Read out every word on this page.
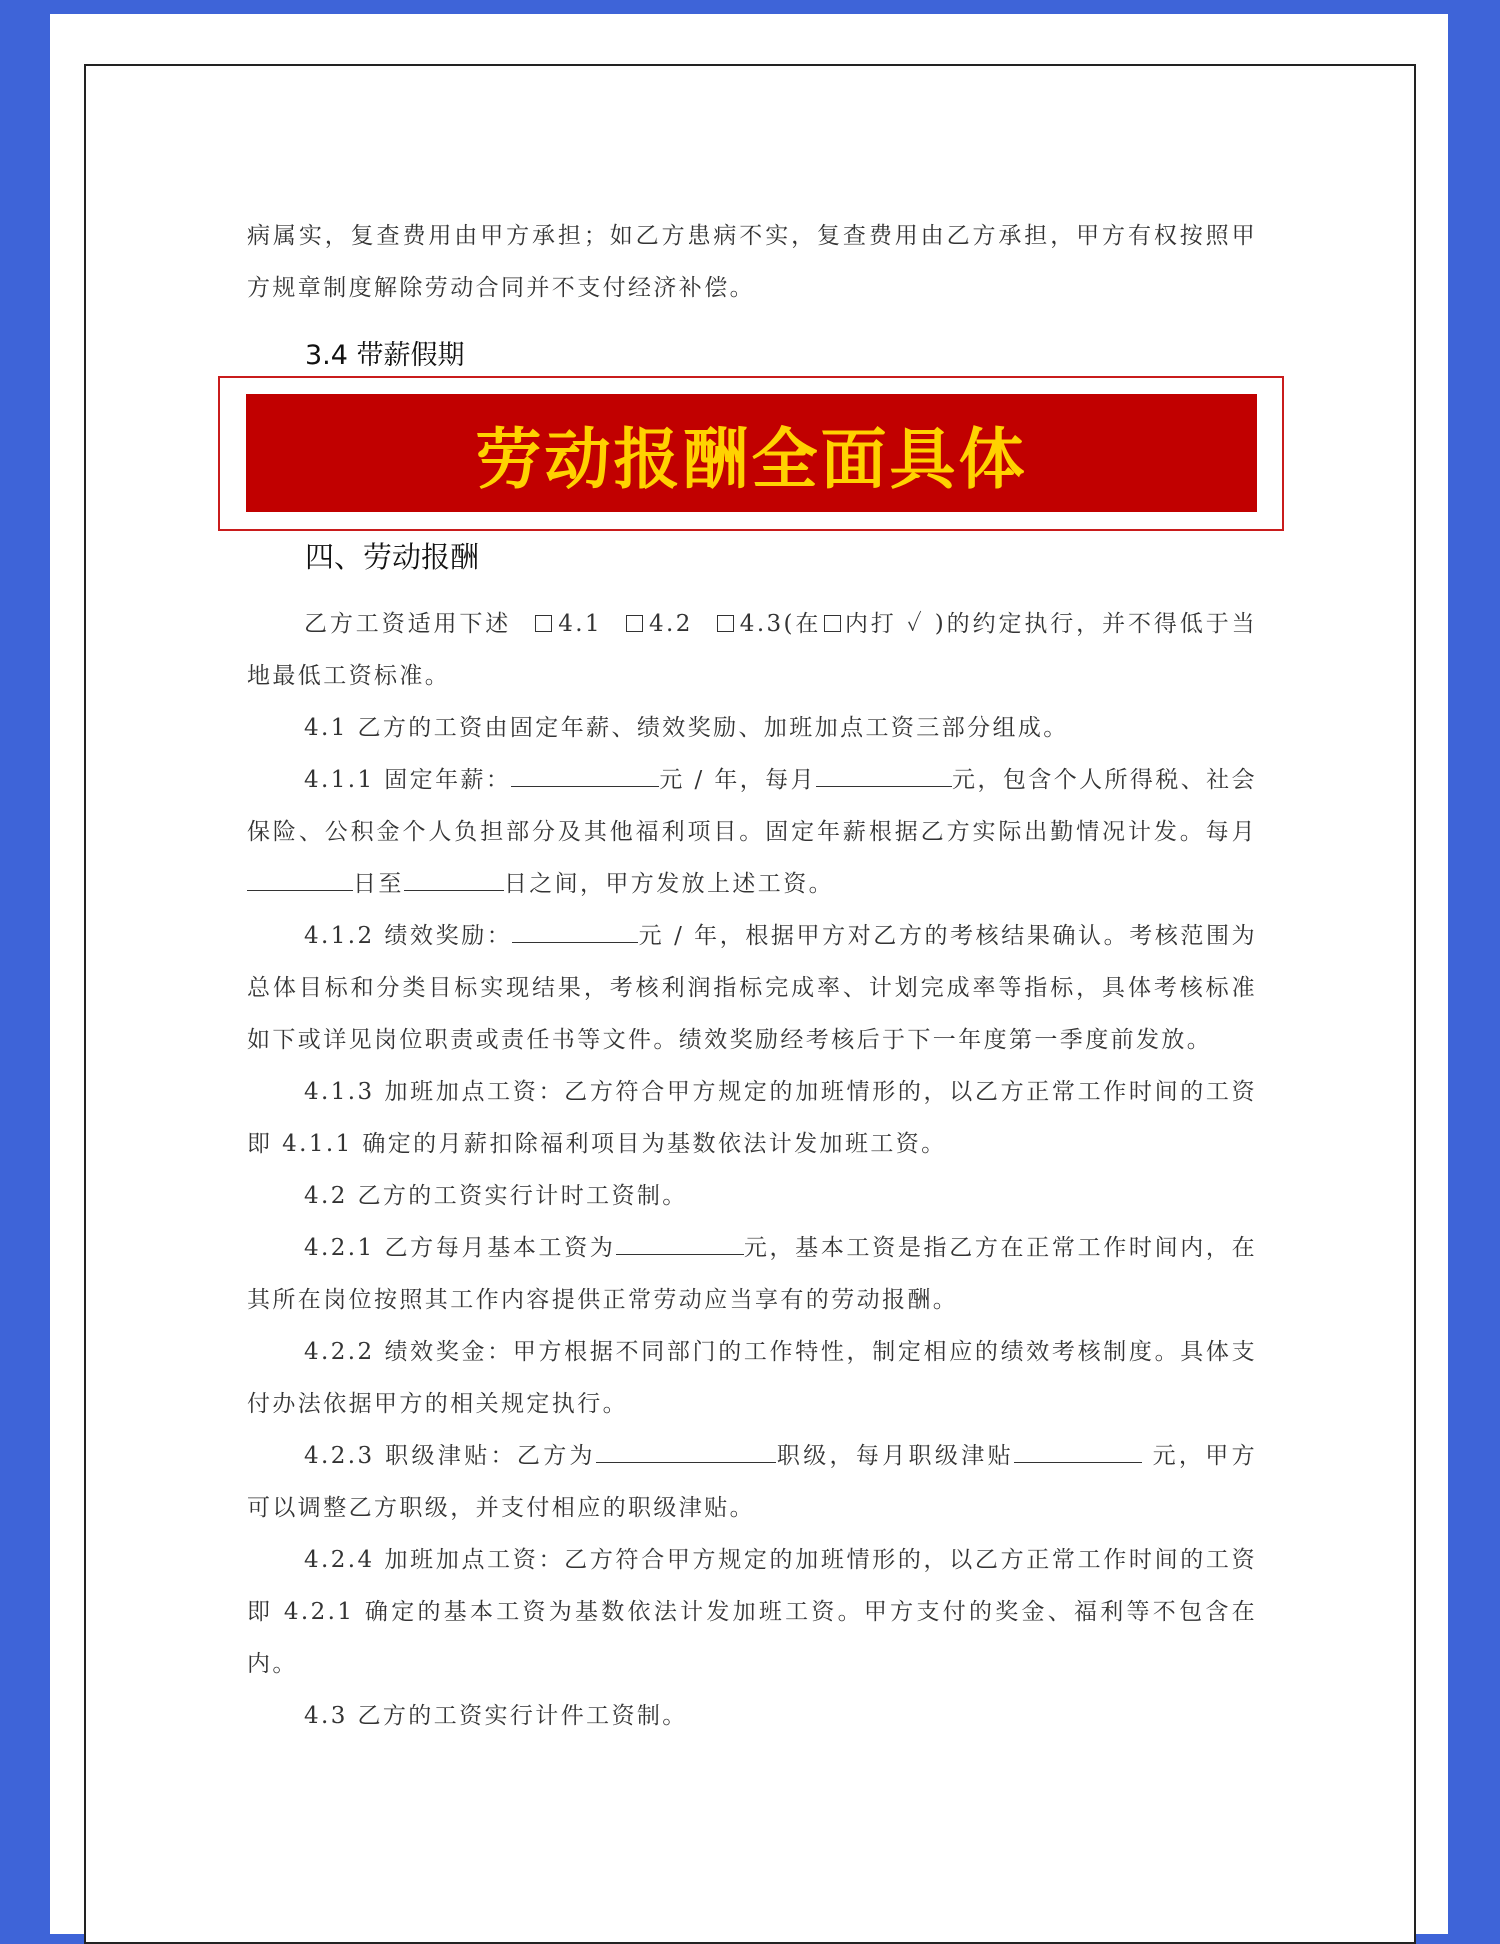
病属实，复查费用由甲方承担；如乙方患病不实，复查费用由乙方承担，甲方有权按照甲方规章制度解除劳动合同并不支付经济补偿。

3.4 带薪假期

劳动报酬全面具体

四、劳动报酬

乙方工资适用下述 4.1 4.2 4.3(在 内打 ✓ )的约定执行，并不得低于当地最低工资标准。

4.1 乙方的工资由固定年薪、绩效奖励、加班加点工资三部分组成。

4.1.1 固定年薪：	元 / 年，每月	元，包含个人所得税、社会保险、公积金个人负担部分及其他福利项目。固定年薪根据乙方实际出勤情况计发。每月日至	日之间，甲方发放上述工资。

4.1.2 绩效奖励：	元 / 年，根据甲方对乙方的考核结果确认。考核范围为总体目标和分类目标实现结果，考核利润指标完成率、计划完成率等指标，具体考核标准如下或详见岗位职责或责任书等文件。绩效奖励经考核后于下一年度第一季度前发放。

4.1.3 加班加点工资：乙方符合甲方规定的加班情形的，以乙方正常工作时间的工资即 4.1.1 确定的月薪扣除福利项目为基数依法计发加班工资。

4.2 乙方的工资实行计时工资制。

4.2.1 乙方每月基本工资为	元，基本工资是指乙方在正常工作时间内，在其所在岗位按照其工作内容提供正常劳动应当享有的劳动报酬。

4.2.2 绩效奖金：甲方根据不同部门的工作特性，制定相应的绩效考核制度。具体支付办法依据甲方的相关规定执行。

4.2.3 职级津贴：乙方为	职级，每月职级津贴	元，甲方可以调整乙方职级，并支付相应的职级津贴。

4.2.4 加班加点工资：乙方符合甲方规定的加班情形的，以乙方正常工作时间的工资即 4.2.1 确定的基本工资为基数依法计发加班工资。甲方支付的奖金、福利等不包含在内。

4.3 乙方的工资实行计件工资制。
